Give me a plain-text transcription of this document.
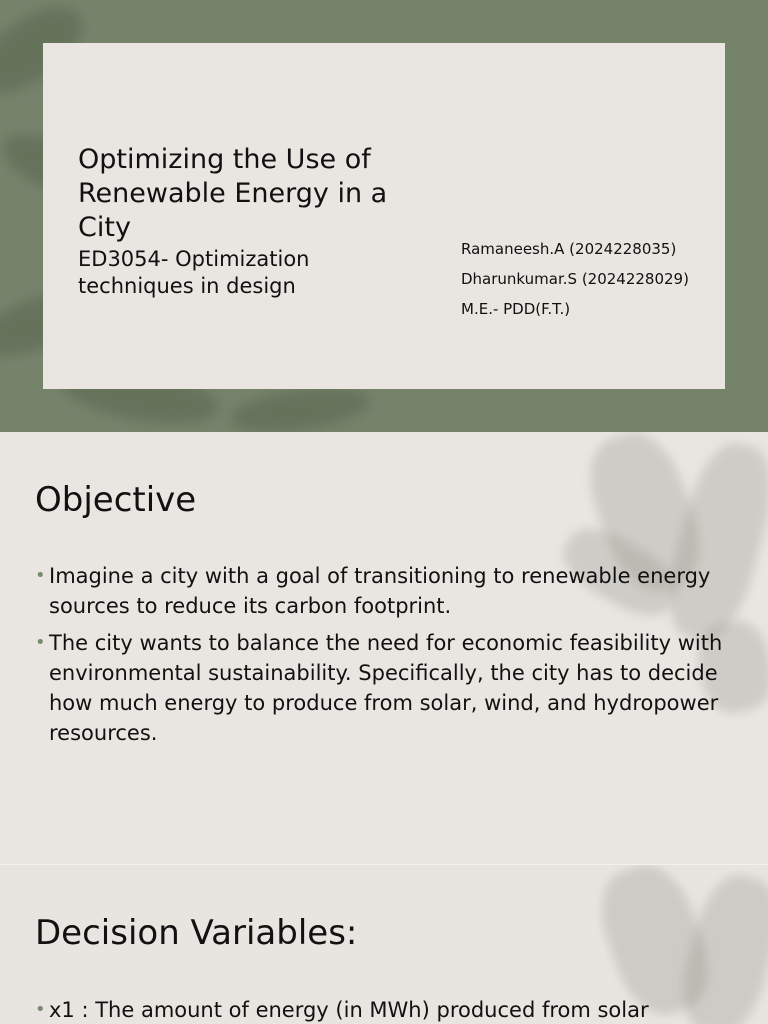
Optimizing the Use of Renewable Energy in a City
ED3054- Optimization techniques in design

Ramaneesh.A (2024228035)

Dharunkumar.S (2024228029)

M.E.- PDD(F.T.)

Objective
• Imagine a city with a goal of transitioning to renewable energy sources to reduce its carbon footprint.
• The city wants to balance the need for economic feasibility with environmental sustainability. Specifically, the city has to decide how much energy to produce from solar, wind, and hydropower resources.
Decision Variables:
• x1 : The amount of energy (in MWh) produced from solar
